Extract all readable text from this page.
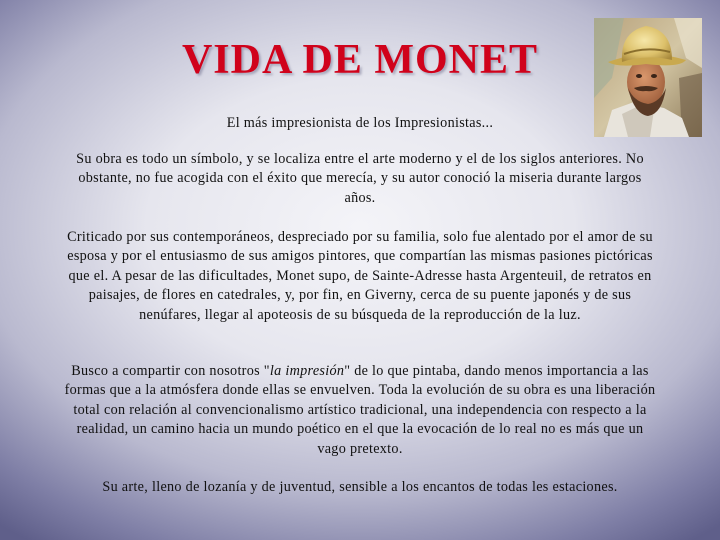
VIDA DE MONET

El más impresionista de los Impresionistas...

Su obra es todo un símbolo, y se localiza entre el arte moderno y el de los siglos anteriores. No obstante, no fue acogida con el éxito que merecía, y su autor conoció la miseria durante largos años.

Criticado por sus contemporáneos, despreciado por su familia, solo fue alentado por el amor de su esposa y por el entusiasmo de sus amigos pintores, que compartían las mismas pasiones pictóricas que el. A pesar de las dificultades, Monet supo, de Sainte-Adresse hasta Argenteuil, de retratos en paisajes, de flores en catedrales, y, por fin, en Giverny, cerca de su puente japonés y de sus nenúfares, llegar al apoteosis de su búsqueda de la reproducción de la luz.

Busco a compartir con nosotros "la impresión" de lo que pintaba, dando menos importancia a las formas que a la atmósfera donde ellas se envuelven. Toda la evolución de su obra es una liberación total con relación al convencionalismo artístico tradicional, una independencia con respecto a la realidad, un camino hacia un mundo poético en el que la evocación de lo real no es más que un vago pretexto.

Su arte, lleno de lozanía y de juventud, sensible a los encantos de todas les estaciones.
